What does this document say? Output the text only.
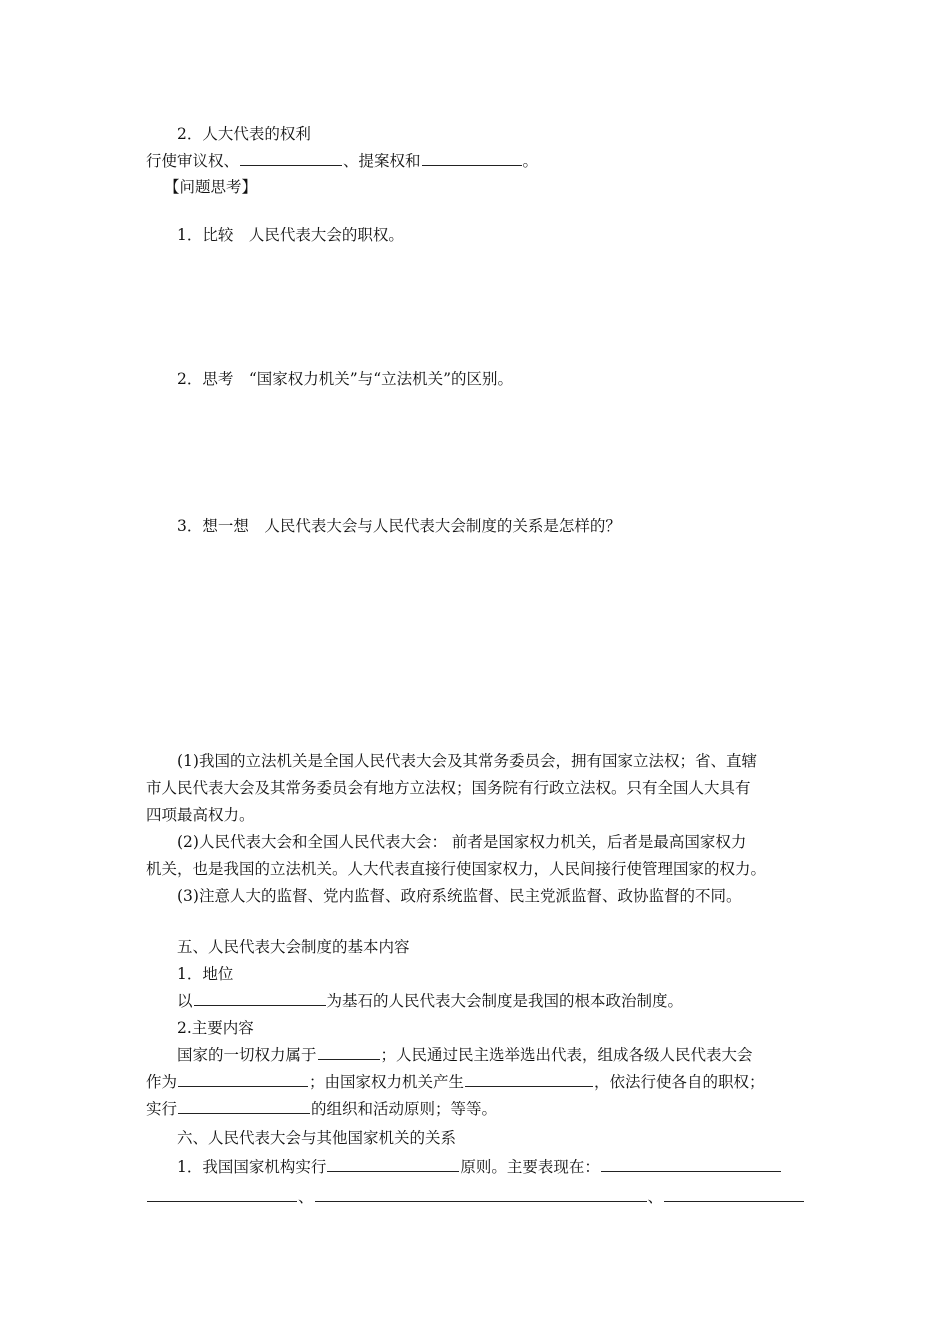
2．人大代表的权利
行使审议权、	、提案权和	。
【问题思考】
1．比较　人民代表大会的职权。
2．思考　“国家权力机关”与“立法机关”的区别。
3．想一想　人民代表大会与人民代表大会制度的关系是怎样的？
(1)我国的立法机关是全国人民代表大会及其常务委员会，拥有国家立法权；省、直辖
市人民代表大会及其常务委员会有地方立法权；国务院有行政立法权。只有全国人大具有
四项最高权力。
(2)人民代表大会和全国人民代表大会： 前者是国家权力机关，后者是最高国家权力
机关，也是我国的立法机关。人大代表直接行使国家权力，人民间接行使管理国家的权力。
(3)注意人大的监督、党内监督、政府系统监督、民主党派监督、政协监督的不同。
五、人民代表大会制度的基本内容
1．地位
以	为基石的人民代表大会制度是我国的根本政治制度。
2.主要内容
国家的一切权力属于	；人民通过民主选举选出代表，组成各级人民代表大会
作为	；由国家权力机关产生	，依法行使各自的职权；
实行	的组织和活动原则；等等。
六、人民代表大会与其他国家机关的关系
1．我国国家机构实行	原则。主要表现在：
、	、
